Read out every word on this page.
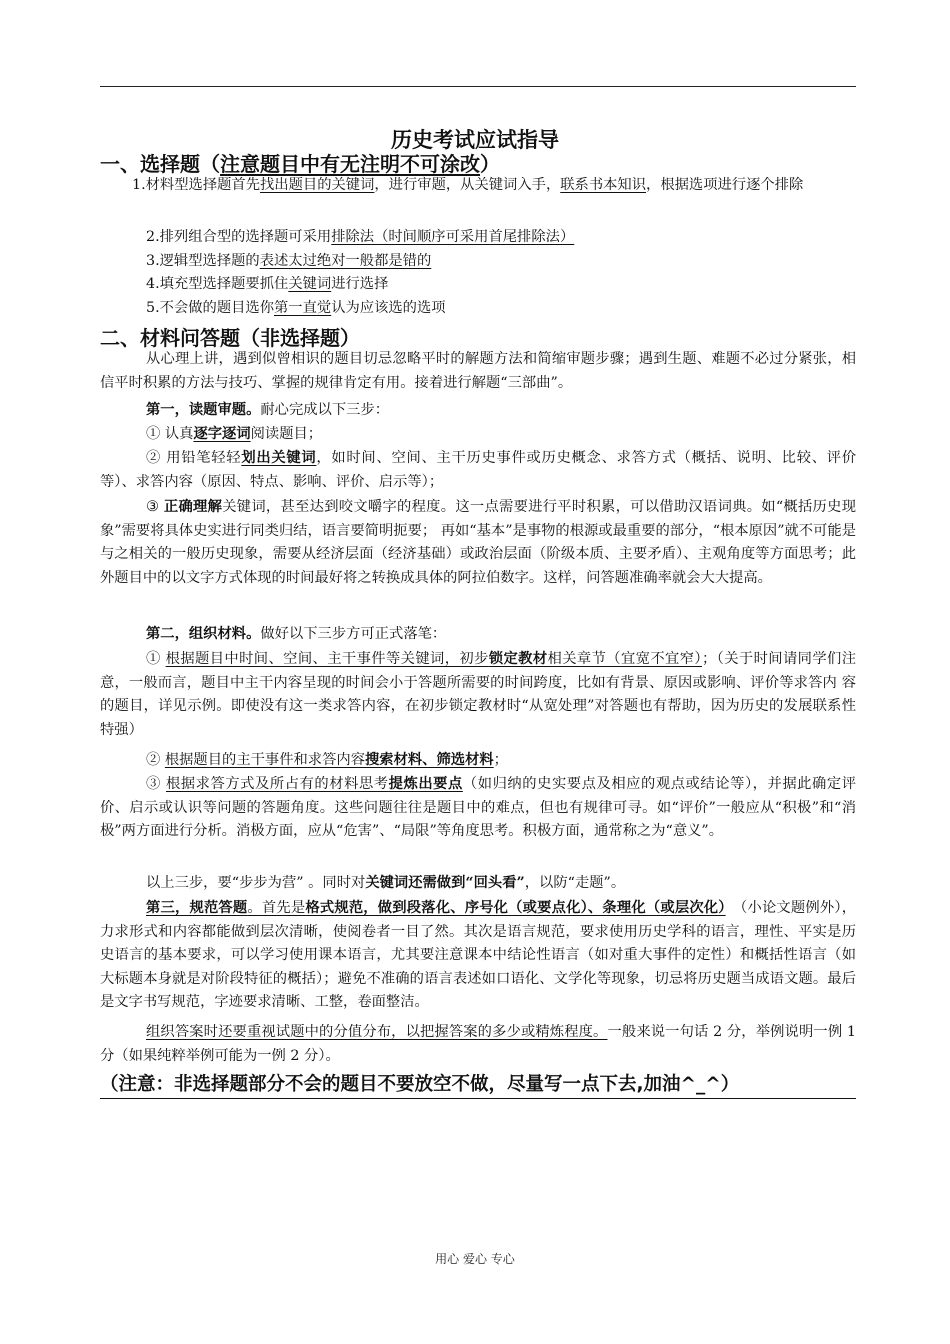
历史考试应试指导
一、选择题（注意题目中有无注明不可涂改）

1.材料型选择题首先找出题目的关键词，进行审题，从关键词入手，联系书本知识，根据选项进行逐个排除

2.排列组合型的选择题可采用排除法（时间顺序可采用首尾排除法）

3.逻辑型选择题的表述太过绝对一般都是错的

4.填充型选择题要抓住关键词进行选择

5.不会做的题目选你第一直觉认为应该选的选项

二、材料问答题（非选择题）

从心理上讲，遇到似曾相识的题目切忌忽略平时的解题方法和简缩审题步骤；遇到生题、难题不必过分紧张，相信平时积累的方法与技巧、掌握的规律肯定有用。接着进行解题“三部曲”。

第一，读题审题。耐心完成以下三步：

① 认真逐字逐词阅读题目；

② 用铅笔轻轻划出关键词，如时间、空间、主干历史事件或历史概念、求答方式（概括、说明、比较、评价等）、求答内容（原因、特点、影响、评价、启示等）；

③ 正确理解关键词，甚至达到咬文嚼字的程度。这一点需要进行平时积累，可以借助汉语词典。如“概括历史现象”需要将具体史实进行同类归结，语言要简明扼要； 再如“基本”是事物的根源或最重要的部分，“根本原因”就不可能是与之相关的一般历史现象，需要从经济层面（经济基础）或政治层面（阶级本质、主要矛盾）、主观角度等方面思考；此外题目中的以文字方式体现的时间最好将之转换成具体的阿拉伯数字。这样，问答题准确率就会大大提高。

第二，组织材料。做好以下三步方可正式落笔：

① 根据题目中时间、空间、主干事件等关键词，初步锁定教材相关章节（宜宽不宜窄）；（关于时间请同学们注意，一般而言，题目中主干内容呈现的时间会小于答题所需要的时间跨度，比如有背景、原因或影响、评价等求答内 容的题目，详见示例。即使没有这一类求答内容，在初步锁定教材时“从宽处理”对答题也有帮助，因为历史的发展联系性特强）

② 根据题目的主干事件和求答内容搜索材料、筛选材料；

③ 根据求答方式及所占有的材料思考提炼出要点（如归纳的史实要点及相应的观点或结论等），并据此确定评价、启示或认识等问题的答题角度。这些问题往往是题目中的难点，但也有规律可寻。如“评价”一般应从“积极”和“消极”两方面进行分析。消极方面，应从“危害”、“局限”等角度思考。积极方面，通常称之为“意义”。

以上三步，要“步步为营” 。同时对关键词还需做到“回头看”，以防“走题”。

第三，规范答题。首先是格式规范，做到段落化、序号化（或要点化）、条理化（或层次化）　（小论文题例外），力求形式和内容都能做到层次清晰，使阅卷者一目了然。其次是语言规范，要求使用历史学科的语言，理性、平实是历史语言的基本要求，可以学习使用课本语言，尤其要注意课本中结论性语言（如对重大事件的定性）和概括性语言（如大标题本身就是对阶段特征的概括）；避免不准确的语言表述如口语化、文学化等现象，切忌将历史题当成语文题。最后是文字书写规范，字迹要求清晰、工整，卷面整洁。

组织答案时还要重视试题中的分值分布，以把握答案的多少或精炼程度。一般来说一句话 2 分，举例说明一例 1 分（如果纯粹举例可能为一例 2 分）。

（注意：非选择题部分不会的题目不要放空不做，尽量写一点下去,加油^_^）
用心 爱心 专心
